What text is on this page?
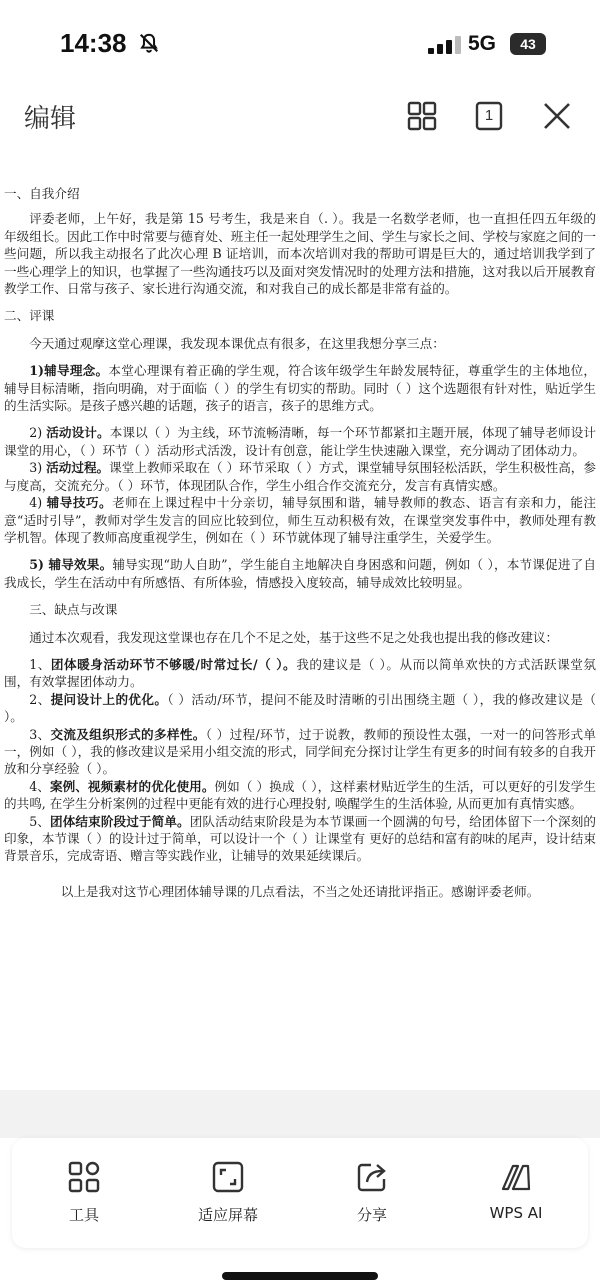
14:38	5G	43
编辑	1

一、自我介绍

评委老师，上午好，我是第 15 号考生，我是来自（. ）。我是一名数学老师，也一直担任四五年级的年级组长。因此工作中时常要与德育处、班主任一起处理学生之间、学生与家长之间、学校与家庭之间的一些问题，所以我主动报名了此次心理 B 证培训，而本次培训对我的帮助可谓是巨大的，通过培训我学到了一些心理学上的知识，也掌握了一些沟通技巧以及面对突发情况时的处理方法和措施，这对我以后开展教育教学工作、日常与孩子、家长进行沟通交流，和对我自己的成长都是非常有益的。

二、评课

今天通过观摩这堂心理课，我发现本课优点有很多，在这里我想分享三点：

1)辅导理念。本堂心理课有着正确的学生观，符合该年级学生年龄发展特征，尊重学生的主体地位，辅导目标清晰，指向明确，对于面临（ ）的学生有切实的帮助。同时（ ）这个选题很有针对性，贴近学生的生活实际。是孩子感兴趣的话题，孩子的语言，孩子的思维方式。

2) 活动设计。本课以（ ）为主线，环节流畅清晰，每一个环节都紧扣主题开展，体现了辅导老师设计课堂的用心，（ ）环节（ ）活动形式活泼，设计有创意，能让学生快速融入课堂，充分调动了团体动力。

3) 活动过程。课堂上教师采取在（ ）环节采取（ ）方式，课堂辅导氛围轻松活跃，学生积极性高，参与度高，交流充分。（ ）环节，体现团队合作，学生小组合作交流充分，发言有真情实感。

4) 辅导技巧。老师在上课过程中十分亲切，辅导氛围和谐，辅导教师的教态、语言有亲和力，能注意“适时引导”，教师对学生发言的回应比较到位，师生互动积极有效，在课堂突发事件中，教师处理有教学机智。体现了教师高度重视学生，例如在（ ）环节就体现了辅导注重学生，关爱学生。

5) 辅导效果。辅导实现“助人自助”，学生能自主地解决自身困惑和问题，例如（ ），本节课促进了自我成长，学生在活动中有所感悟、有所体验，情感投入度较高，辅导成效比较明显。

三、缺点与改课

通过本次观看，我发现这堂课也存在几个不足之处，基于这些不足之处我也提出我的修改建议：

1、团体暖身活动环节不够暖/时常过长/（ ）。我的建议是（ ）。从而以简单欢快的方式活跃课堂氛围，有效掌握团体动力。

2、提问设计上的优化。（ ）活动/环节，提问不能及时清晰的引出围绕主题（ ），我的修改建议是（ ）。

3、交流及组织形式的多样性。（ ）过程/环节，过于说教，教师的预设性太强，一对一的问答形式单一，例如（ ），我的修改建议是采用小组交流的形式，同学间充分探讨让学生有更多的时间有较多的自我开放和分享经验（ ）。

4、案例、视频素材的优化使用。例如（ ）换成（ ），这样素材贴近学生的生活，可以更好的引发学生的共鸣, 在学生分析案例的过程中更能有效的进行心理投射, 唤醒学生的生活体验, 从而更加有真情实感。

5、团体结束阶段过于简单。团队活动结束阶段是为本节课画一个圆满的句号，给团体留下一个深刻的印象，本节课（ ）的设计过于简单，可以设计一个（ ）让课堂有 更好的总结和富有韵味的尾声，设计结束背景音乐，完成寄语、赠言等实践作业，让辅导的效果延续课后。

以上是我对这节心理团体辅导课的几点看法，不当之处还请批评指正。感谢评委老师。

工具	适应屏幕	分享	WPS AI
